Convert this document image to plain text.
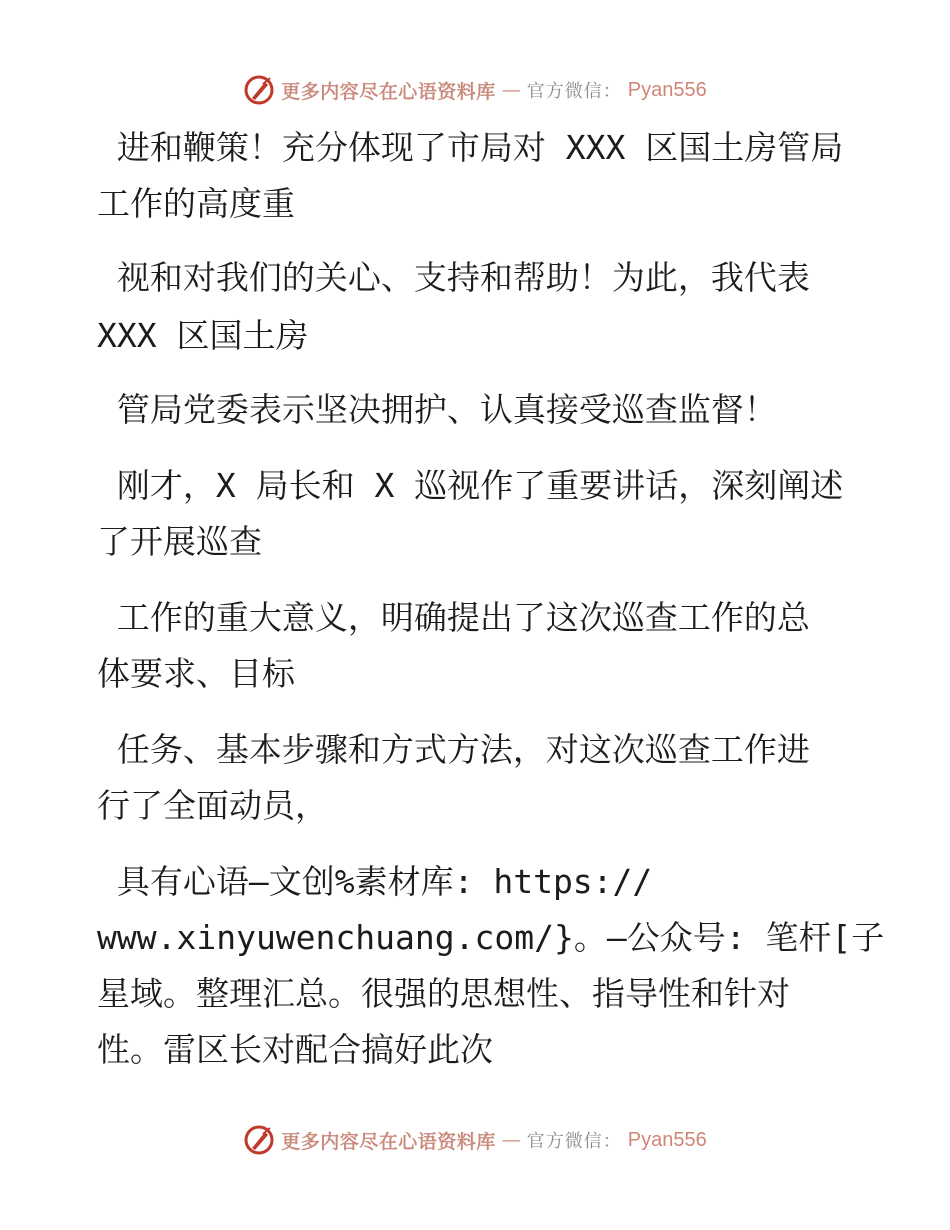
更多内容尽在心语资料库 — 官方微信： Pyan556
进和鞭策！充分体现了市局对 XXX 区国土房管局
工作的高度重
视和对我们的关心、支持和帮助！为此，我代表
XXX 区国土房
管局党委表示坚决拥护、认真接受巡查监督！
刚才，X 局长和 X 巡视作了重要讲话，深刻阐述
了开展巡查
工作的重大意义，明确提出了这次巡查工作的总
体要求、目标
任务、基本步骤和方式方法，对这次巡查工作进
行了全面动员，
具有心语—文创%素材库: https://
www.xinyuwenchuang.com/}。—公众号: 笔杆[子
星域。整理汇总。很强的思想性、指导性和针对
性。雷区长对配合搞好此次
更多内容尽在心语资料库 — 官方微信： Pyan556
